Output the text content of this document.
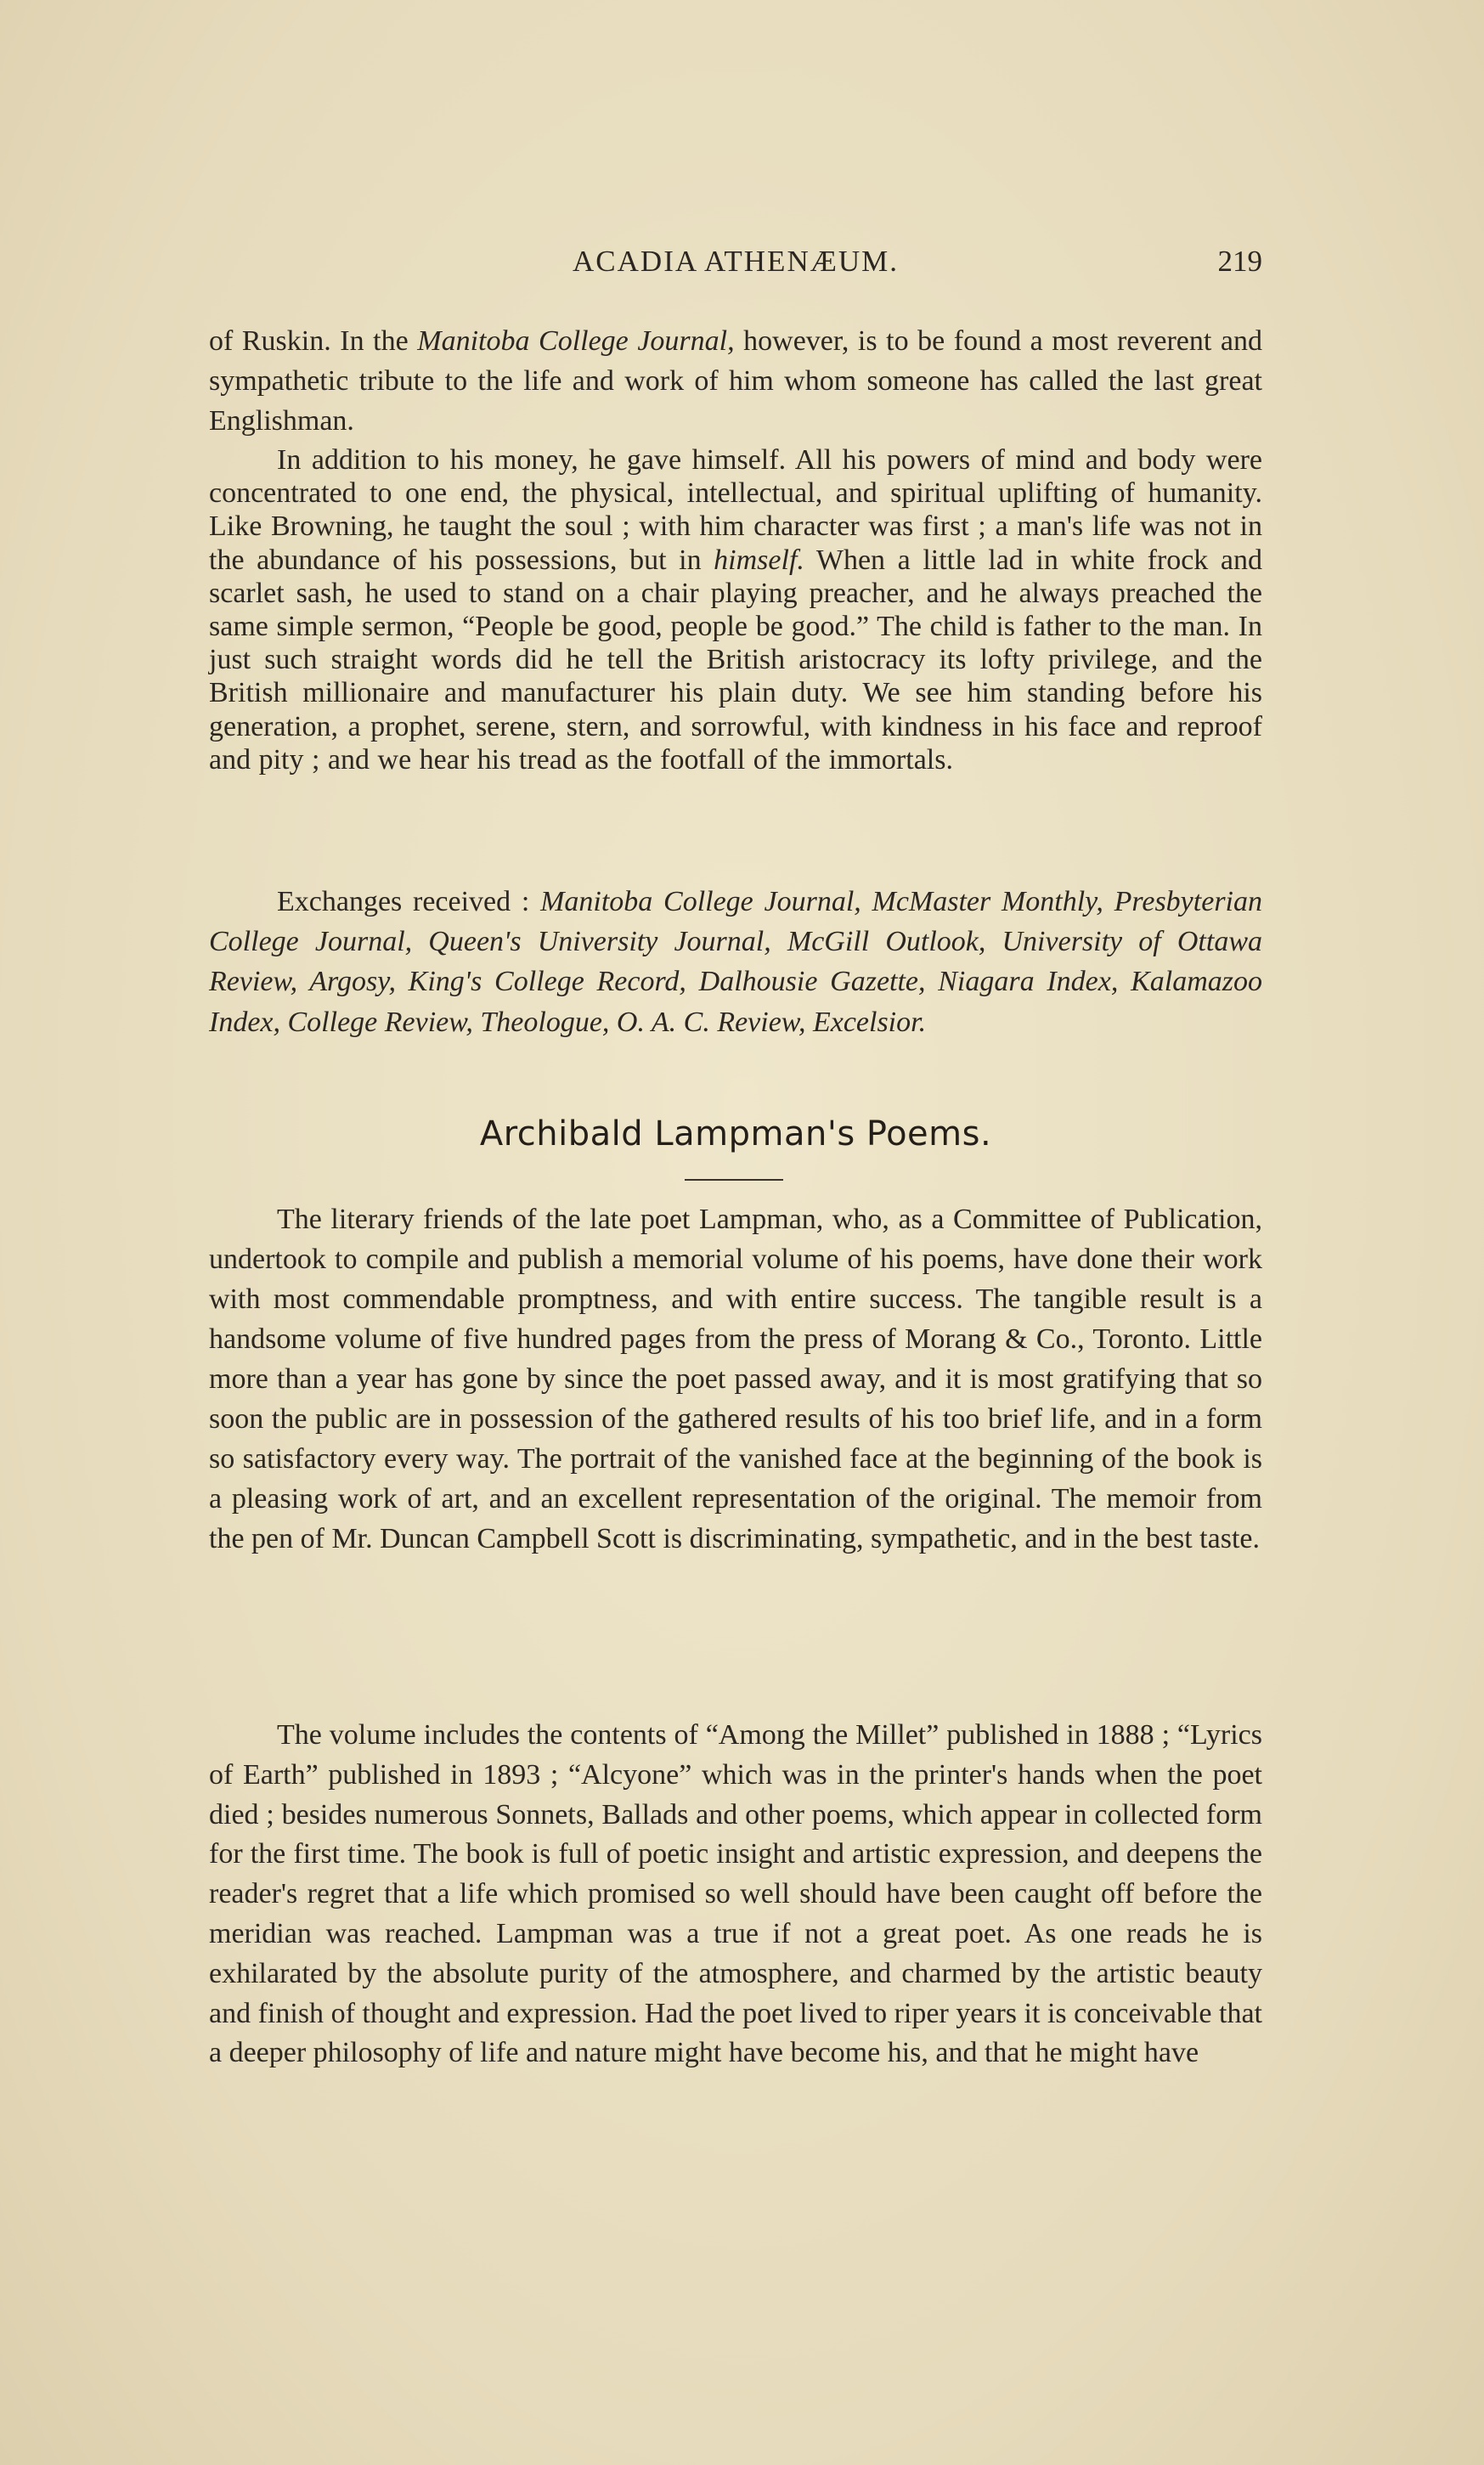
ACADIA ATHENÆUM.	219

of Ruskin. In the Manitoba College Journal, however, is to be found a most reverent and sympathetic tribute to the life and work of him whom someone has called the last great Englishman.

In addition to his money, he gave himself. All his powers of mind and body were concentrated to one end, the physical, intellectual, and spiritual uplifting of humanity. Like Browning, he taught the soul ; with him character was first ; a man's life was not in the abundance of his possessions, but in himself. When a little lad in white frock and scarlet sash, he used to stand on a chair playing preacher, and he always preached the same simple sermon, “People be good, people be good.” The child is father to the man. In just such straight words did he tell the British aristocracy its lofty privilege, and the British millionaire and manufacturer his plain duty. We see him standing before his generation, a prophet, serene, stern, and sorrowful, with kindness in his face and reproof and pity ; and we hear his tread as the footfall of the immortals.

Exchanges received : Manitoba College Journal, McMaster Monthly, Presbyterian College Journal, Queen's University Journal, McGill Outlook, University of Ottawa Review, Argosy, King's College Record, Dalhousie Gazette, Niagara Index, Kalamazoo Index, College Review, Theologue, O. A. C. Review, Excelsior.

Archibald Lampman's Poems.

The literary friends of the late poet Lampman, who, as a Committee of Publication, undertook to compile and publish a memorial volume of his poems, have done their work with most commendable promptness, and with entire success. The tangible result is a handsome volume of five hundred pages from the press of Morang & Co., Toronto. Little more than a year has gone by since the poet passed away, and it is most gratifying that so soon the public are in possession of the gathered results of his too brief life, and in a form so satisfactory every way. The portrait of the vanished face at the beginning of the book is a pleasing work of art, and an excellent representation of the original. The memoir from the pen of Mr. Duncan Campbell Scott is discriminating, sympathetic, and in the best taste.

The volume includes the contents of “Among the Millet” published in 1888 ; “Lyrics of Earth” published in 1893 ; “Alcyone” which was in the printer's hands when the poet died ; besides numerous Sonnets, Ballads and other poems, which appear in collected form for the first time. The book is full of poetic insight and artistic expression, and deepens the reader's regret that a life which promised so well should have been caught off before the meridian was reached. Lampman was a true if not a great poet. As one reads he is exhilarated by the absolute purity of the atmosphere, and charmed by the artistic beauty and finish of thought and expression. Had the poet lived to riper years it is conceivable that a deeper philosophy of life and nature might have become his, and that he might have
